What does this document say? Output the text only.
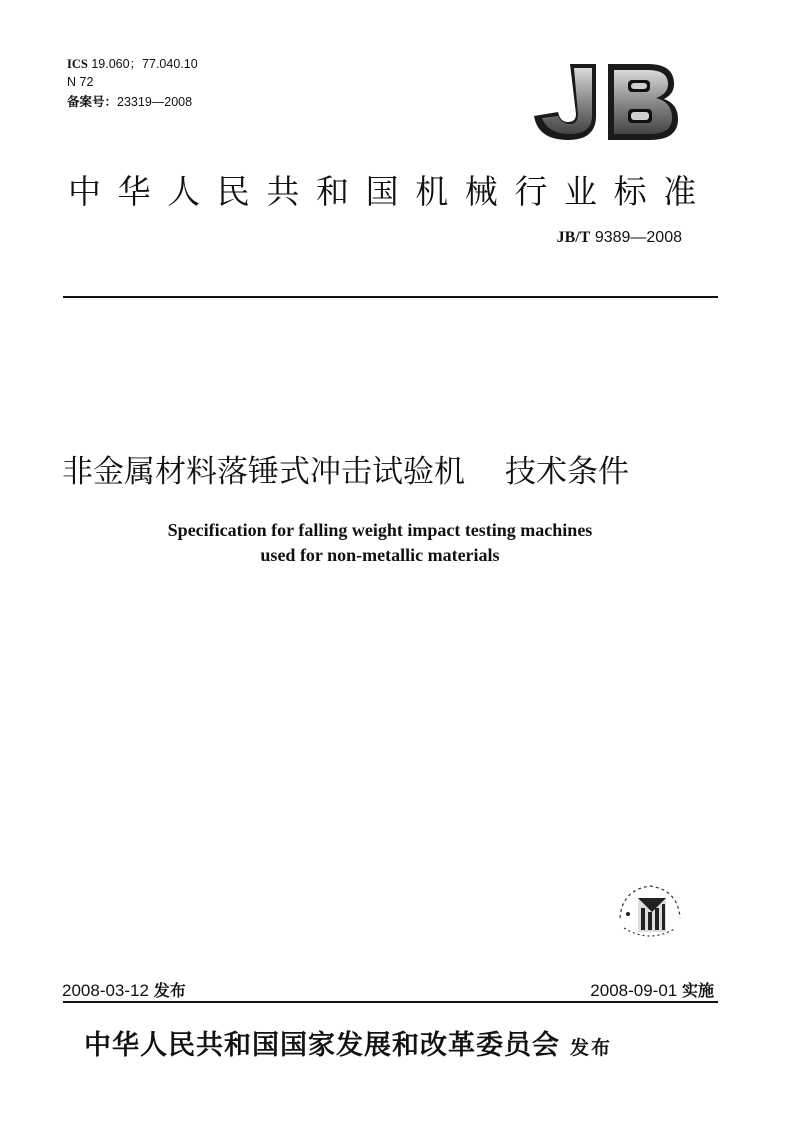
ICS 19.060；77.040.10
N 72
备案号：23319—2008
JB
中华人民共和国机械行业标准
JB/T 9389—2008
非金属材料落锤式冲击试验机 技术条件
Specification for falling weight impact testing machines
used for non-metallic materials
2008-03-12 发布	2008-09-01 实施
中华人民共和国国家发展和改革委员会 发布
